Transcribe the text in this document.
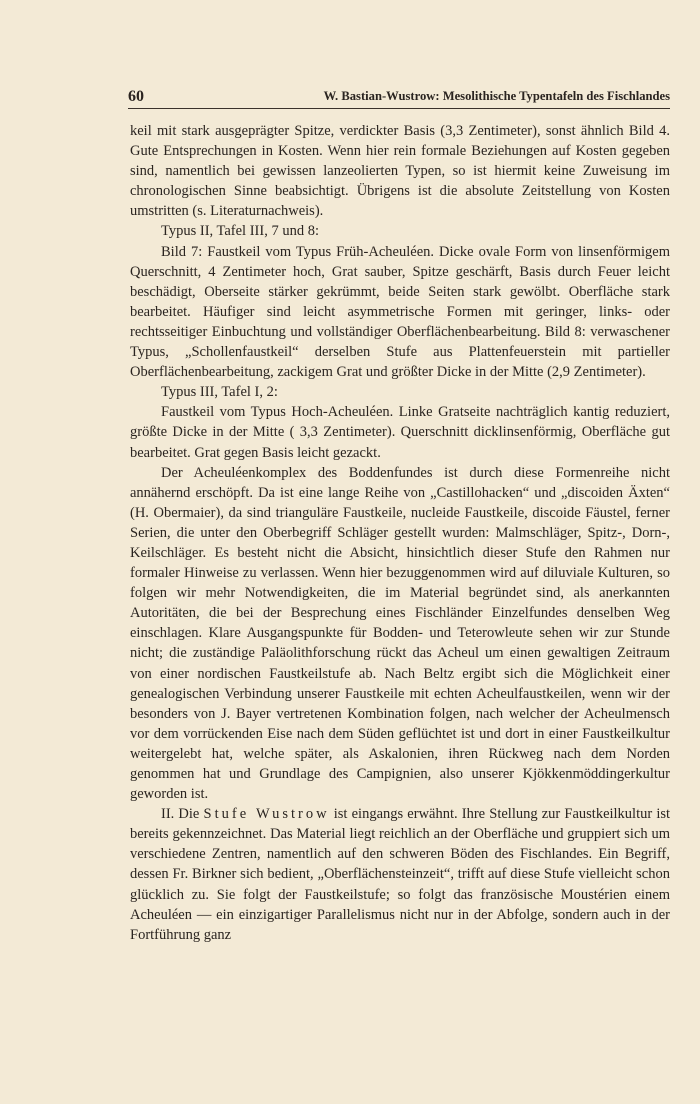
60	W. Bastian-Wustrow: Mesolithische Typentafeln des Fischlandes

keil mit stark ausgeprägter Spitze, verdickter Basis (3,3 Zentimeter), sonst ähnlich Bild 4. Gute Entsprechungen in Kosten. Wenn hier rein formale Beziehungen auf Kosten gegeben sind, namentlich bei gewissen lanzeolierten Typen, so ist hiermit keine Zuweisung im chronologischen Sinne beabsichtigt. Übrigens ist die absolute Zeitstellung von Kosten umstritten (s. Literaturnachweis).

Typus II, Tafel III, 7 und 8:

Bild 7: Faustkeil vom Typus Früh-Acheuléen. Dicke ovale Form von linsenförmigem Querschnitt, 4 Zentimeter hoch, Grat sauber, Spitze geschärft, Basis durch Feuer leicht beschädigt, Oberseite stärker gekrümmt, beide Seiten stark gewölbt. Oberfläche stark bearbeitet. Häufiger sind leicht asymmetrische Formen mit geringer, links- oder rechtsseitiger Einbuchtung und vollständiger Oberflächenbearbeitung. Bild 8: verwaschener Typus, „Schollenfaustkeil“ derselben Stufe aus Plattenfeuerstein mit partieller Oberflächenbearbeitung, zackigem Grat und größter Dicke in der Mitte (2,9 Zentimeter).

Typus III, Tafel I, 2:

Faustkeil vom Typus Hoch-Acheuléen. Linke Gratseite nachträglich kantig reduziert, größte Dicke in der Mitte ( 3,3 Zentimeter). Querschnitt dicklinsenförmig, Oberfläche gut bearbeitet. Grat gegen Basis leicht gezackt.

Der Acheuléenkomplex des Boddenfundes ist durch diese Formenreihe nicht annähernd erschöpft. Da ist eine lange Reihe von „Castillohacken“ und „discoiden Äxten“ (H. Obermaier), da sind trianguläre Faustkeile, nucleide Faustkeile, discoide Fäustel, ferner Serien, die unter den Oberbegriff Schläger gestellt wurden: Malmschläger, Spitz-, Dorn-, Keilschläger. Es besteht nicht die Absicht, hinsichtlich dieser Stufe den Rahmen nur formaler Hinweise zu verlassen. Wenn hier bezuggenommen wird auf diluviale Kulturen, so folgen wir mehr Notwendigkeiten, die im Material begründet sind, als anerkannten Autoritäten, die bei der Besprechung eines Fischländer Einzelfundes denselben Weg einschlagen. Klare Ausgangspunkte für Bodden- und Teterowleute sehen wir zur Stunde nicht; die zuständige Paläolithforschung rückt das Acheul um einen gewaltigen Zeitraum von einer nordischen Faustkeilstufe ab. Nach Beltz ergibt sich die Möglichkeit einer genealogischen Verbindung unserer Faustkeile mit echten Acheulfaustkeilen, wenn wir der besonders von J. Bayer vertretenen Kombination folgen, nach welcher der Acheulmensch vor dem vorrückenden Eise nach dem Süden geflüchtet ist und dort in einer Faustkeilkultur weitergelebt hat, welche später, als Askalonien, ihren Rückweg nach dem Norden genommen hat und Grundlage des Campignien, also unserer Kjökkenmöddingerkultur geworden ist.

II. Die Stufe Wustrow ist eingangs erwähnt. Ihre Stellung zur Faustkeilkultur ist bereits gekennzeichnet. Das Material liegt reichlich an der Oberfläche und gruppiert sich um verschiedene Zentren, namentlich auf den schweren Böden des Fischlandes. Ein Begriff, dessen Fr. Birkner sich bedient, „Oberflächensteinzeit“, trifft auf diese Stufe vielleicht schon glücklich zu. Sie folgt der Faustkeilstufe; so folgt das französische Moustérien einem Acheuléen — ein einzigartiger Parallelismus nicht nur in der Abfolge, sondern auch in der Fortführung ganz
